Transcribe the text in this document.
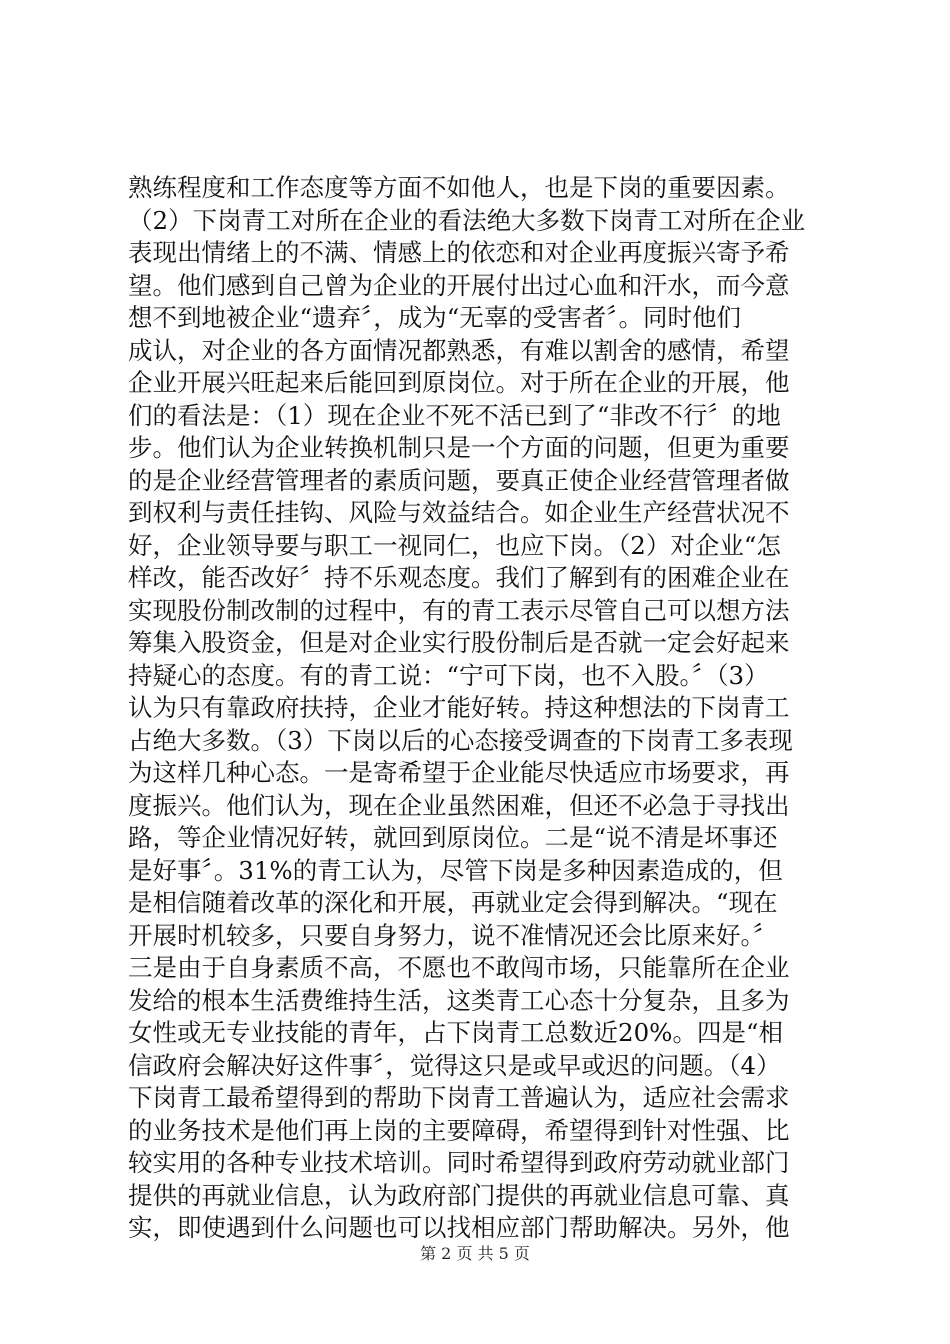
熟练程度和工作态度等方面不如他人，也是下岗的重要因素。
（2）下岗青工对所在企业的看法绝大多数下岗青工对所在企业
表现出情绪上的不满、情感上的依恋和对企业再度振兴寄予希
望。他们感到自己曾为企业的开展付出过心血和汗水，而今意
想不到地被企业“遗弃〞，成为“无辜的受害者〞。同时他们
成认，对企业的各方面情况都熟悉，有难以割舍的感情，希望
企业开展兴旺起来后能回到原岗位。对于所在企业的开展，他
们的看法是：（1）现在企业不死不活已到了“非改不行〞的地
步。他们认为企业转换机制只是一个方面的问题，但更为重要
的是企业经营管理者的素质问题，要真正使企业经营管理者做
到权利与责任挂钩、风险与效益结合。如企业生产经营状况不
好，企业领导要与职工一视同仁，也应下岗。（2）对企业“怎
样改，能否改好〞持不乐观态度。我们了解到有的困难企业在
实现股份制改制的过程中，有的青工表示尽管自己可以想方法
筹集入股资金，但是对企业实行股份制后是否就一定会好起来
持疑心的态度。有的青工说：“宁可下岗，也不入股。〞（3）
认为只有靠政府扶持，企业才能好转。持这种想法的下岗青工
占绝大多数。（3）下岗以后的心态接受调查的下岗青工多表现
为这样几种心态。一是寄希望于企业能尽快适应市场要求，再
度振兴。他们认为，现在企业虽然困难，但还不必急于寻找出
路，等企业情况好转，就回到原岗位。二是“说不清是坏事还
是好事〞。31%的青工认为，尽管下岗是多种因素造成的，但
是相信随着改革的深化和开展，再就业定会得到解决。“现在
开展时机较多，只要自身努力，说不准情况还会比原来好。〞
三是由于自身素质不高，不愿也不敢闯市场，只能靠所在企业
发给的根本生活费维持生活，这类青工心态十分复杂，且多为
女性或无专业技能的青年，占下岗青工总数近20%。四是“相
信政府会解决好这件事〞，觉得这只是或早或迟的问题。（4）
下岗青工最希望得到的帮助下岗青工普遍认为，适应社会需求
的业务技术是他们再上岗的主要障碍，希望得到针对性强、比
较实用的各种专业技术培训。同时希望得到政府劳动就业部门
提供的再就业信息，认为政府部门提供的再就业信息可靠、真
实，即使遇到什么问题也可以找相应部门帮助解决。另外，他
第 2 页 共 5 页
